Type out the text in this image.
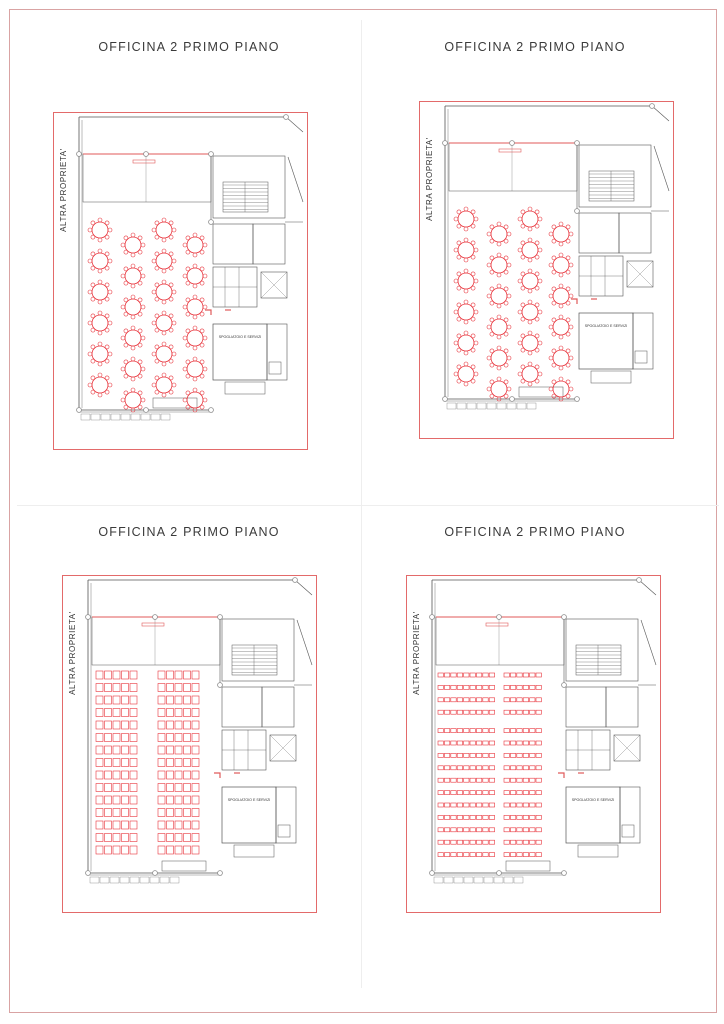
OFFICINA 2 PRIMO PIANO
SPOGLIATOIO E SERVIZI
ALTRA PROPRIETA'
OFFICINA 2 PRIMO PIANO
SPOGLIATOIO E SERVIZI
ALTRA PROPRIETA'
OFFICINA 2 PRIMO PIANO
SPOGLIATOIO E SERVIZI
ALTRA PROPRIETA'
OFFICINA 2 PRIMO PIANO
SPOGLIATOIO E SERVIZI
ALTRA PROPRIETA'
